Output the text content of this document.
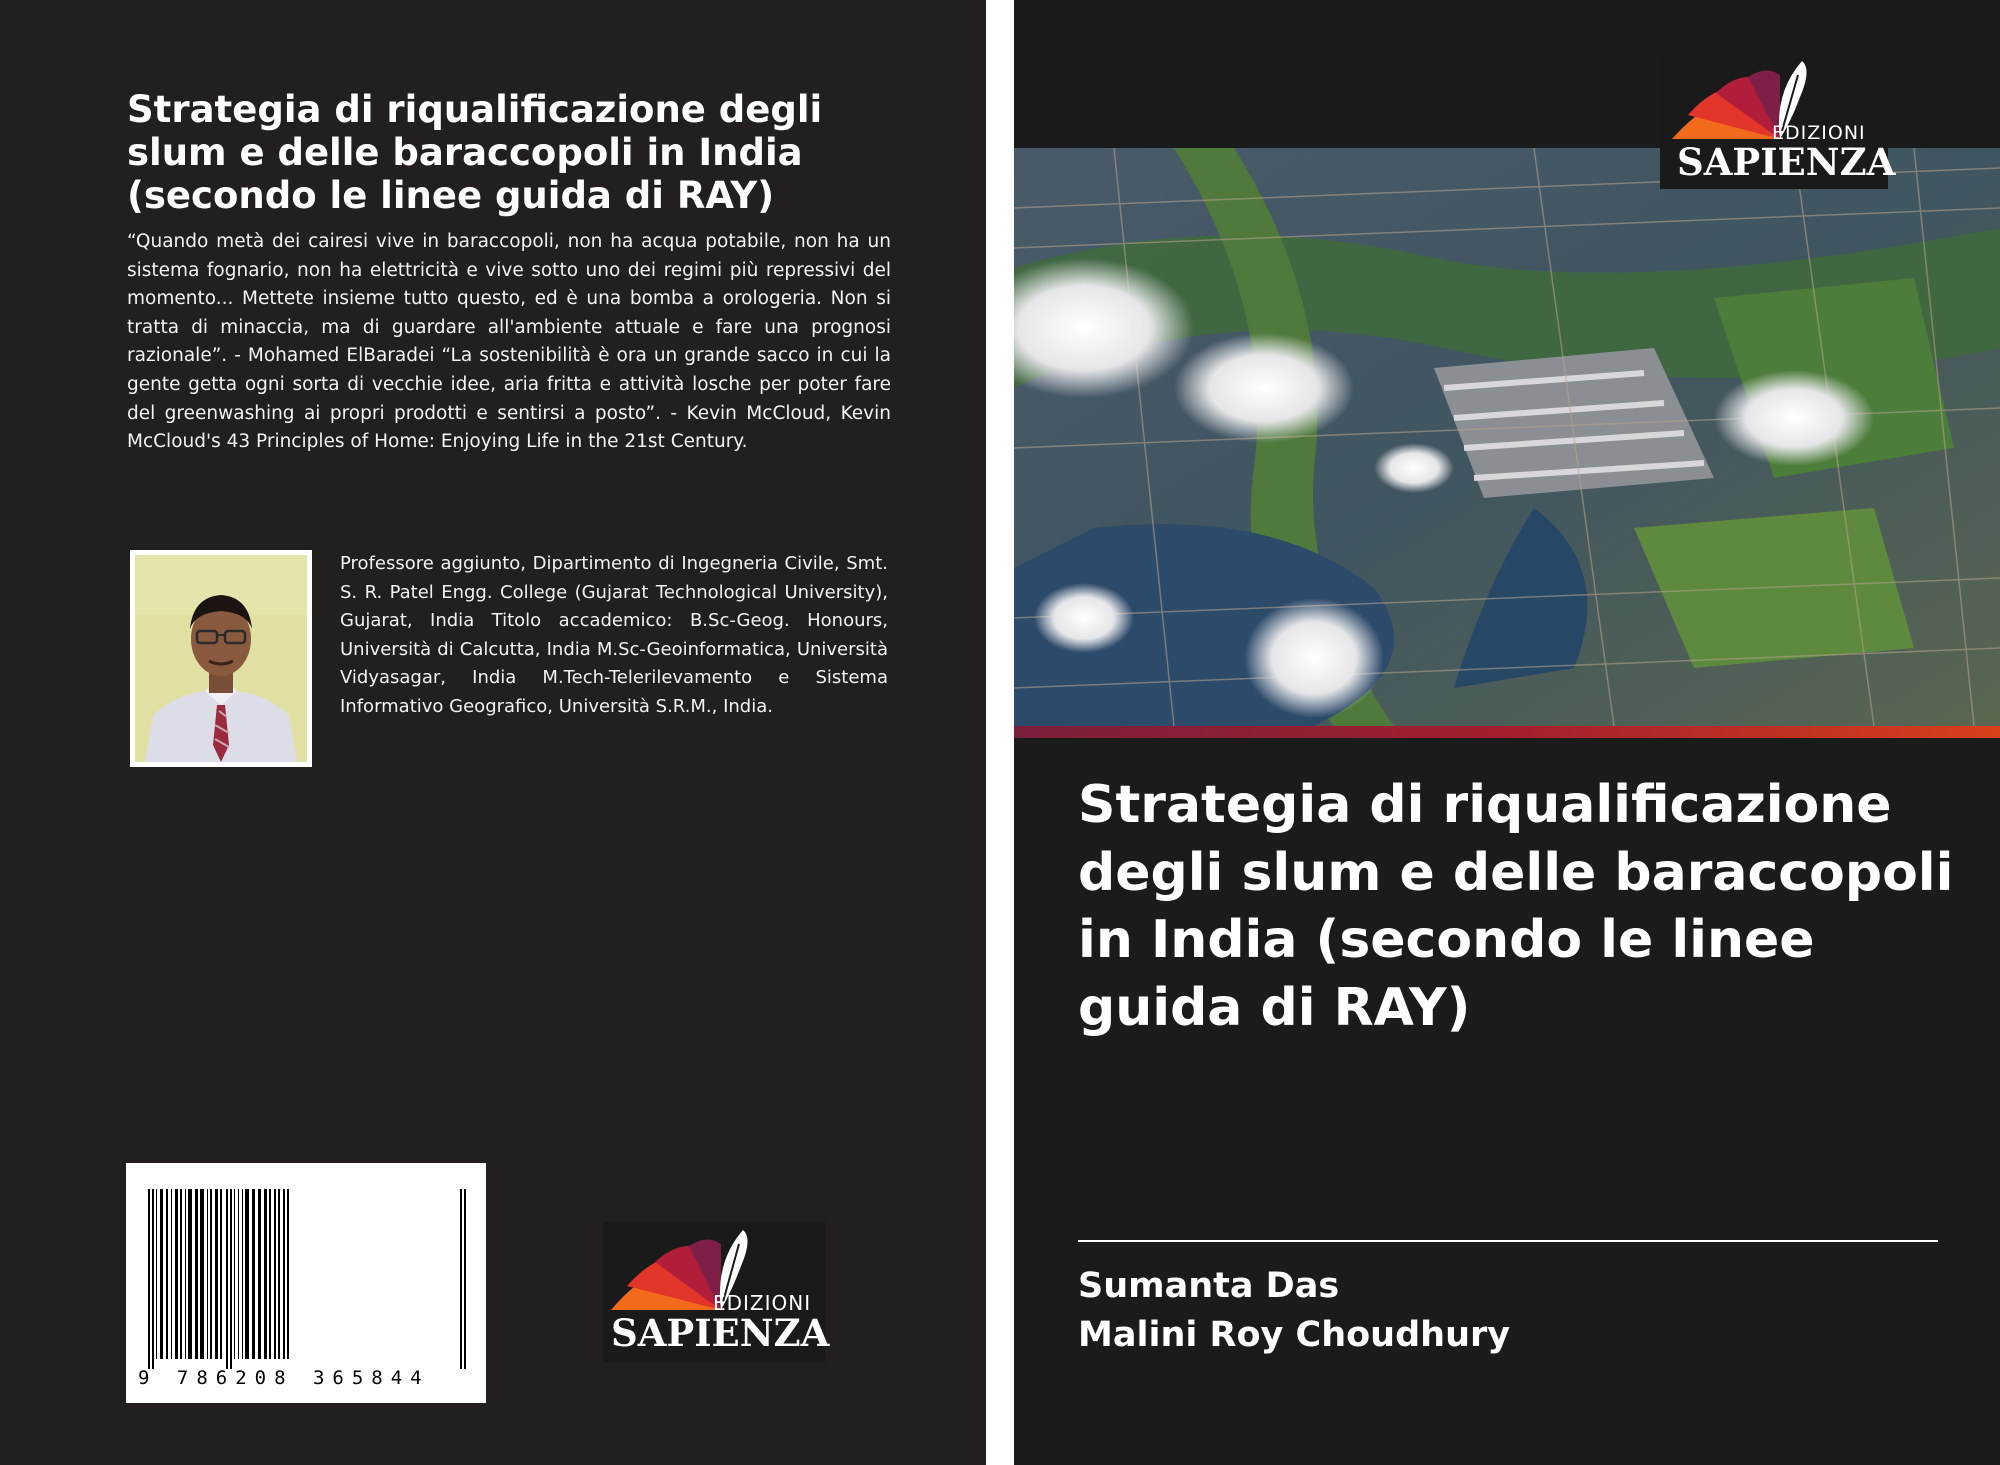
Strategia di riqualificazione degli slum e delle baraccopoli in India (secondo le linee guida di RAY)

“Quando metà dei cairesi vive in baraccopoli, non ha acqua potabile, non ha un sistema fognario, non ha elettricità e vive sotto uno dei regimi più repressivi del momento... Mettete insieme tutto questo, ed è una bomba a orologeria. Non si tratta di minaccia, ma di guardare all'ambiente attuale e fare una prognosi razionale”. - Mohamed ElBaradei “La sostenibilità è ora un grande sacco in cui la gente getta ogni sorta di vecchie idee, aria fritta e attività losche per poter fare del greenwashing ai propri prodotti e sentirsi a posto”. - Kevin McCloud, Kevin McCloud's 43 Principles of Home: Enjoying Life in the 21st Century.

Professore aggiunto, Dipartimento di Ingegneria Civile, Smt. S. R. Patel Engg. College (Gujarat Technological University), Gujarat, India Titolo accademico: B.Sc-Geog. Honours, Università di Calcutta, India M.Sc-Geoinformatica, Università Vidyasagar, India M.Tech-Telerilevamento e Sistema Informativo Geografico, Università S.R.M., India.

9 786208 365844
EDIZIONI
SAPIENZA
EDIZIONI
SAPIENZA
Strategia di riqualificazione degli slum e delle baraccopoli in India (secondo le linee guida di RAY)
Sumanta Das
Malini Roy Choudhury
